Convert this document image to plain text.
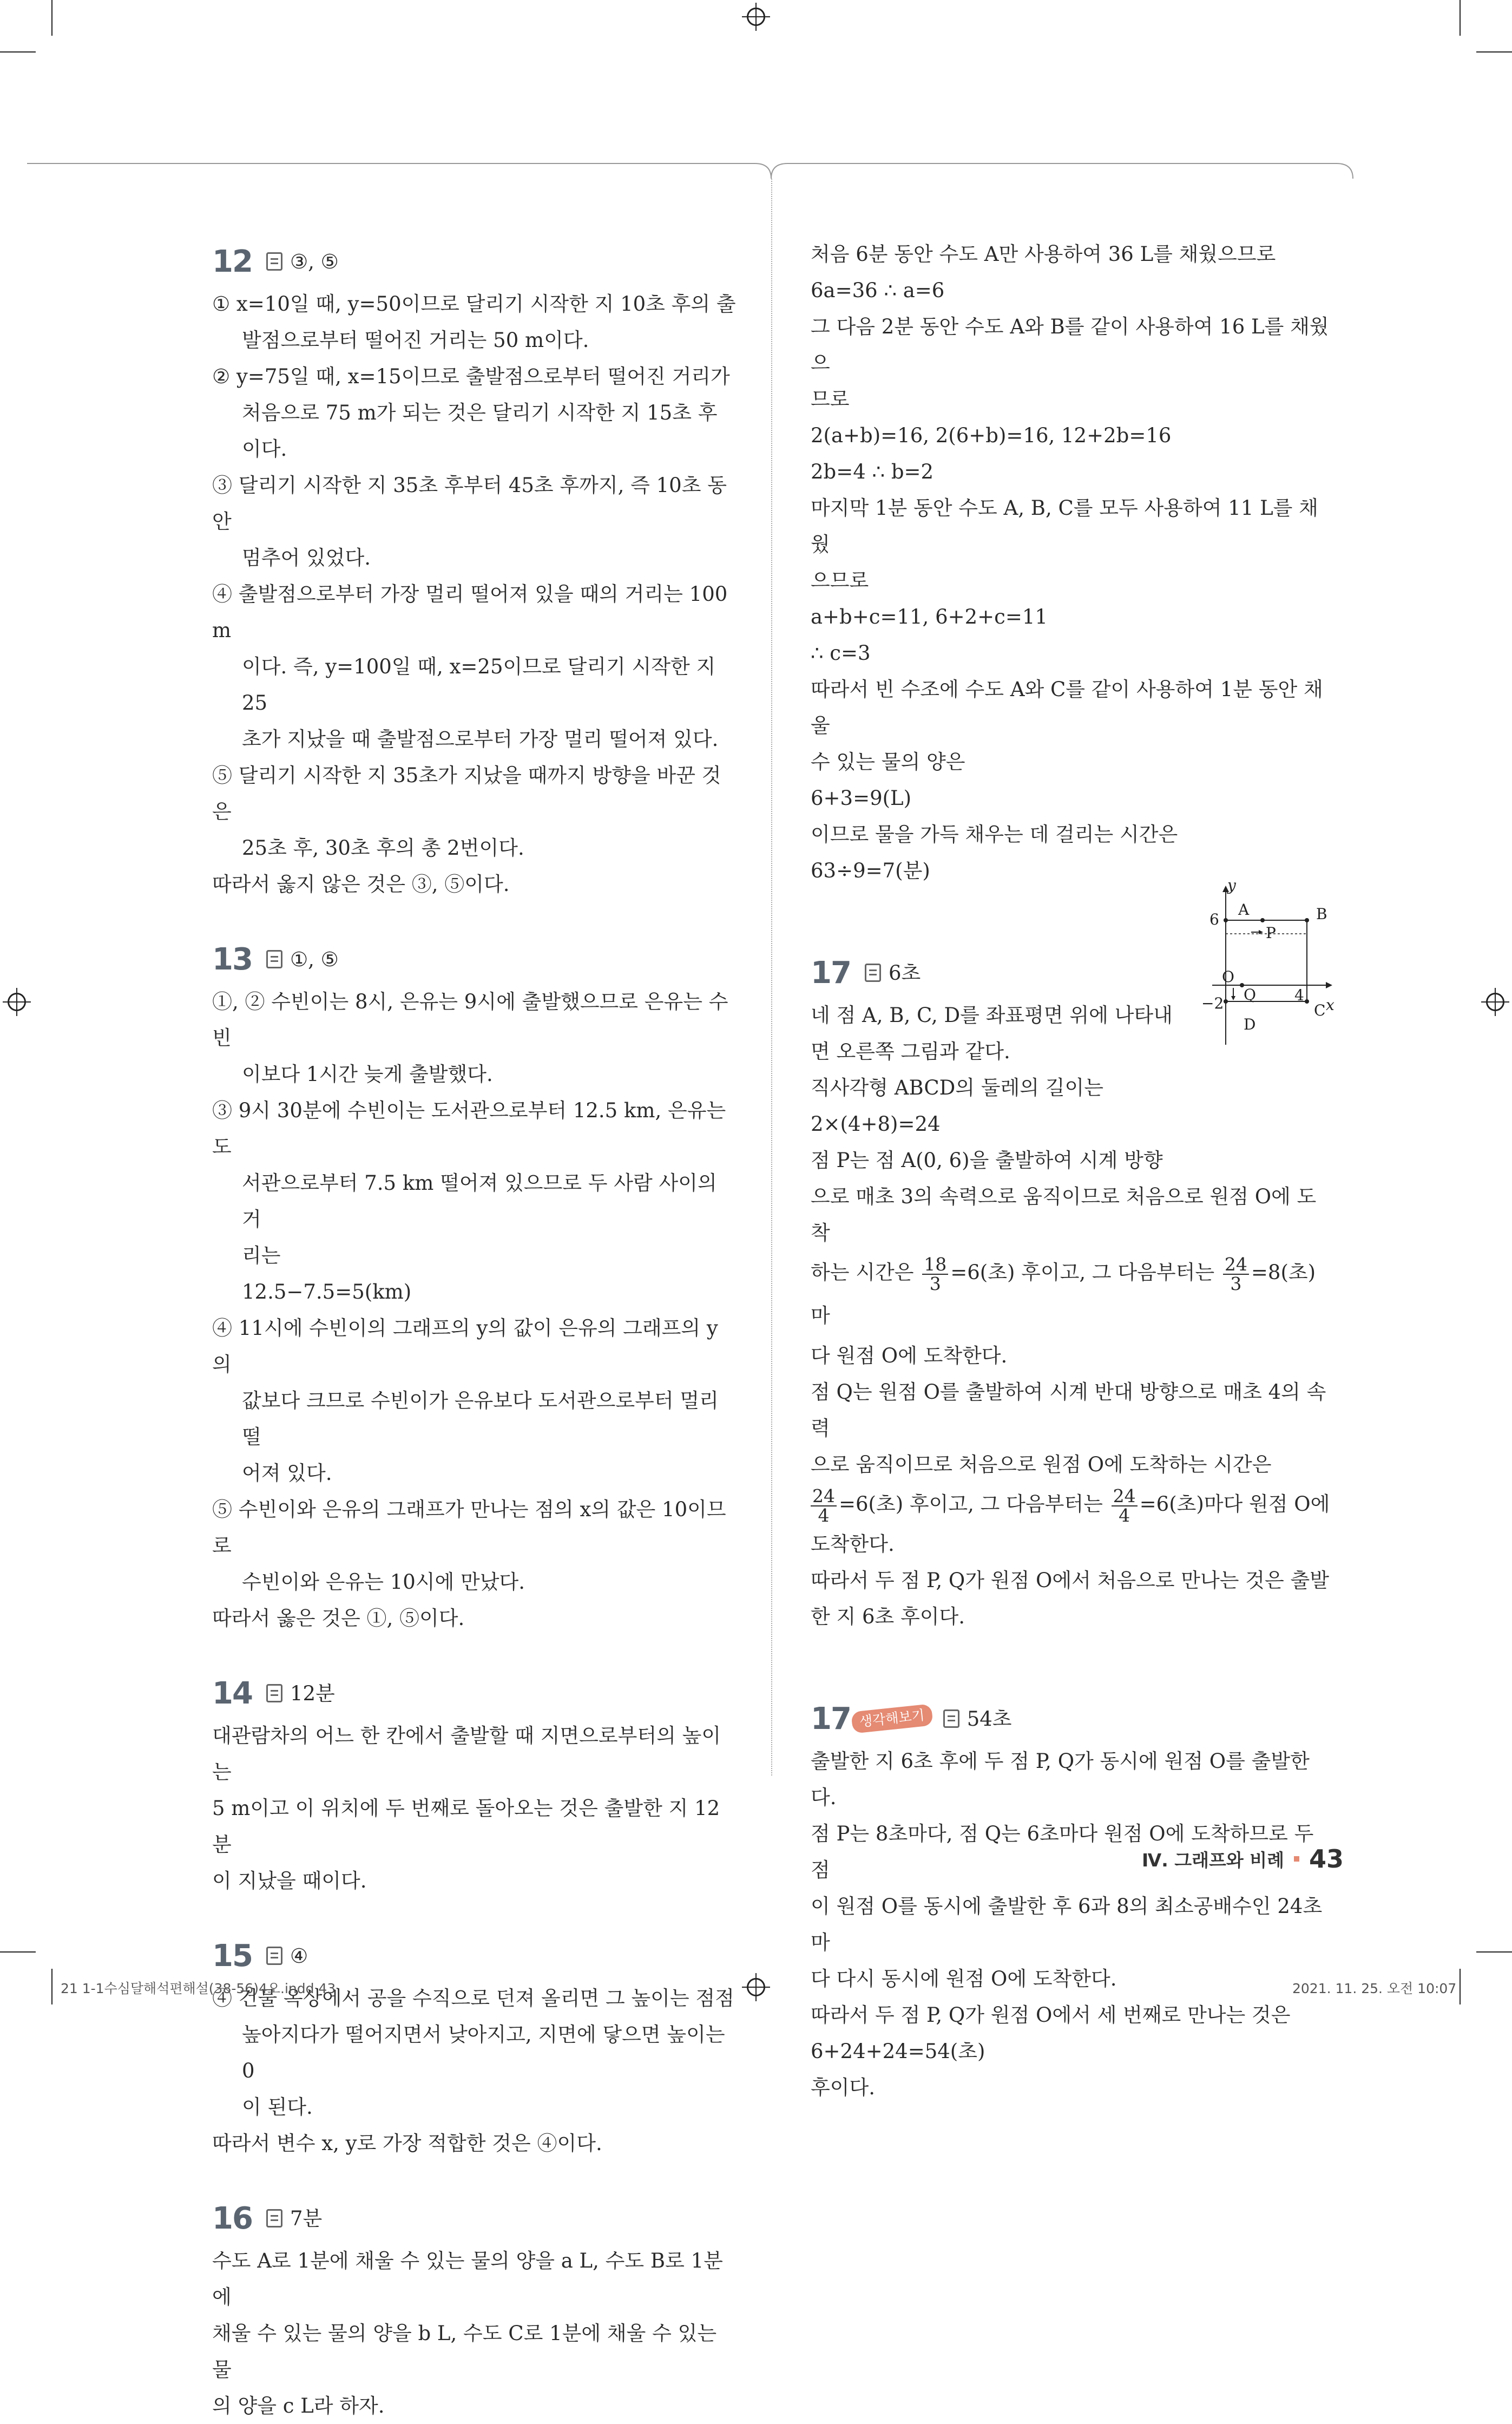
12 ③, ⑤

① x=10일 때, y=50이므로 달리기 시작한 지 10초 후의 출

발점으로부터 떨어진 거리는 50 m이다.

② y=75일 때, x=15이므로 출발점으로부터 떨어진 거리가

처음으로 75 m가 되는 것은 달리기 시작한 지 15초 후이다.

③ 달리기 시작한 지 35초 후부터 45초 후까지, 즉 10초 동안

멈추어 있었다.

④ 출발점으로부터 가장 멀리 떨어져 있을 때의 거리는 100 m

이다. 즉, y=100일 때, x=25이므로 달리기 시작한 지 25

초가 지났을 때 출발점으로부터 가장 멀리 떨어져 있다.

⑤ 달리기 시작한 지 35초가 지났을 때까지 방향을 바꾼 것은

25초 후, 30초 후의 총 2번이다.

따라서 옳지 않은 것은 ③, ⑤이다.

13 ①, ⑤

①, ② 수빈이는 8시, 은유는 9시에 출발했으므로 은유는 수빈

이보다 1시간 늦게 출발했다.

③ 9시 30분에 수빈이는 도서관으로부터 12.5 km, 은유는 도

서관으로부터 7.5 km 떨어져 있으므로 두 사람 사이의 거

리는

12.5−7.5=5(km)

④ 11시에 수빈이의 그래프의 y의 값이 은유의 그래프의 y의

값보다 크므로 수빈이가 은유보다 도서관으로부터 멀리 떨

어져 있다.

⑤ 수빈이와 은유의 그래프가 만나는 점의 x의 값은 10이므로

수빈이와 은유는 10시에 만났다.

따라서 옳은 것은 ①, ⑤이다.

14 12분

대관람차의 어느 한 칸에서 출발할 때 지면으로부터의 높이는

5 m이고 이 위치에 두 번째로 돌아오는 것은 출발한 지 12분

이 지났을 때이다.

15 ④

④ 건물 옥상에서 공을 수직으로 던져 올리면 그 높이는 점점

높아지다가 떨어지면서 낮아지고, 지면에 닿으면 높이는 0

이 된다.

따라서 변수 x, y로 가장 적합한 것은 ④이다.

16 7분

수도 A로 1분에 채울 수 있는 물의 양을 a L, 수도 B로 1분에

채울 수 있는 물의 양을 b L, 수도 C로 1분에 채울 수 있는 물

의 양을 c L라 하자.

처음 6분 동안 수도 A만 사용하여 36 L를 채웠으므로

6a=36 ∴ a=6

그 다음 2분 동안 수도 A와 B를 같이 사용하여 16 L를 채웠으

므로

2(a+b)=16, 2(6+b)=16, 12+2b=16

2b=4 ∴ b=2

마지막 1분 동안 수도 A, B, C를 모두 사용하여 11 L를 채웠

으므로

a+b+c=11, 6+2+c=11

∴ c=3

따라서 빈 수조에 수도 A와 C를 같이 사용하여 1분 동안 채울

수 있는 물의 양은

6+3=9(L)

이므로 물을 가득 채우는 데 걸리는 시간은

63÷9=7(분)

17 6초

네 점 A, B, C, D를 좌표평면 위에 나타내

면 오른쪽 그림과 같다.

직사각형 ABCD의 둘레의 길이는

2×(4+8)=24

점 P는 점 A(0, 6)을 출발하여 시계 방향

으로 매초 3의 속력으로 움직이므로 처음으로 원점 O에 도착

하는 시간은 $\frac{18}{3} =6$(초) 후이고, 그 다음부터는 $\frac{24}{3} =8$(초)마

다 원점 O에 도착한다.

점 Q는 원점 O를 출발하여 시계 반대 방향으로 매초 4의 속력

으로 움직이므로 처음으로 원점 O에 도착하는 시간은

$\frac{24}{4} =6$(초) 후이고, 그 다음부터는 $\frac{24}{4} =6$(초)마다 원점 O에

도착한다.

따라서 두 점 P, Q가 원점 O에서 처음으로 만나는 것은 출발

한 지 6초 후이다.

17 생각해보기	54초

출발한 지 6초 후에 두 점 P, Q가 동시에 원점 O를 출발한다.

점 P는 8초마다, 점 Q는 6초마다 원점 O에 도착하므로 두 점

이 원점 O를 동시에 출발한 후 6과 8의 최소공배수인 24초마

다 다시 동시에 원점 O에 도착한다.

따라서 두 점 P, Q가 원점 O에서 세 번째로 만나는 것은

6+24+24=54(초)

후이다.

y
x
6
4
−2
O
A	B
C
D
P
Q
Ⅳ. 그래프와 비례 43
21 1-1수심달해석편해설(38-56)4오.indd 43	2021. 11. 25. 오전 10:07
